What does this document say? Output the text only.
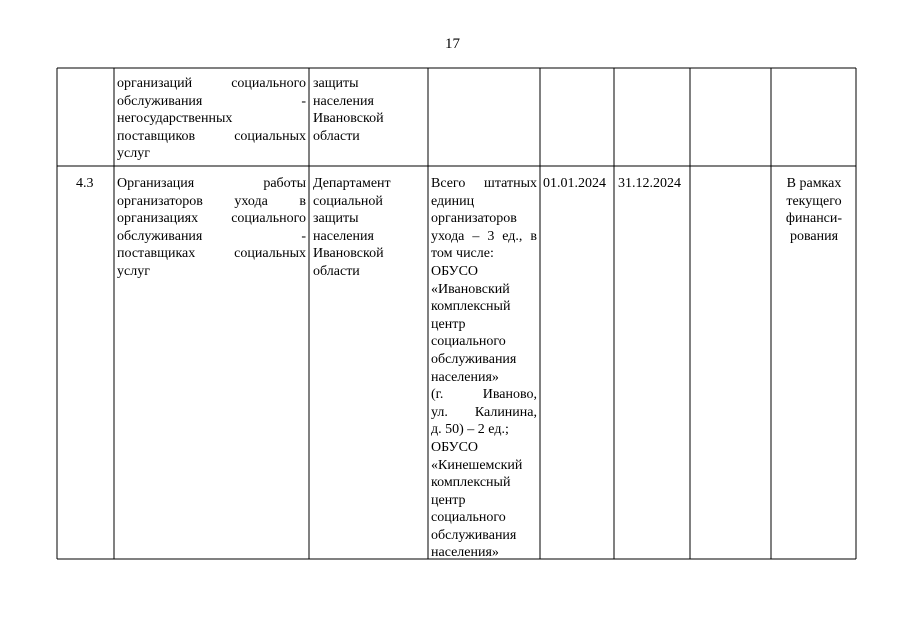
17
организаций социального
обслуживания -
негосударственных
поставщиков социальных
услуг
защиты
населения
Ивановской
области
4.3	Организация работы
организаторов ухода в
организациях социального
обслуживания -
поставщиках социальных
услуг
Департамент
социальной
защиты
населения
Ивановской
области
Всего штатных
единиц
организаторов
ухода – 3 ед., в
том числе:
ОБУСО
«Ивановский
комплексный
центр
социального
обслуживания
населения»
(г. Иваново,
ул. Калинина,
д. 50) – 2 ед.;
ОБУСО
«Кинешемский
комплексный
центр
социального
обслуживания
населения»
01.01.2024 31.12.2024	В рамках
текущего
финанси-
рования
